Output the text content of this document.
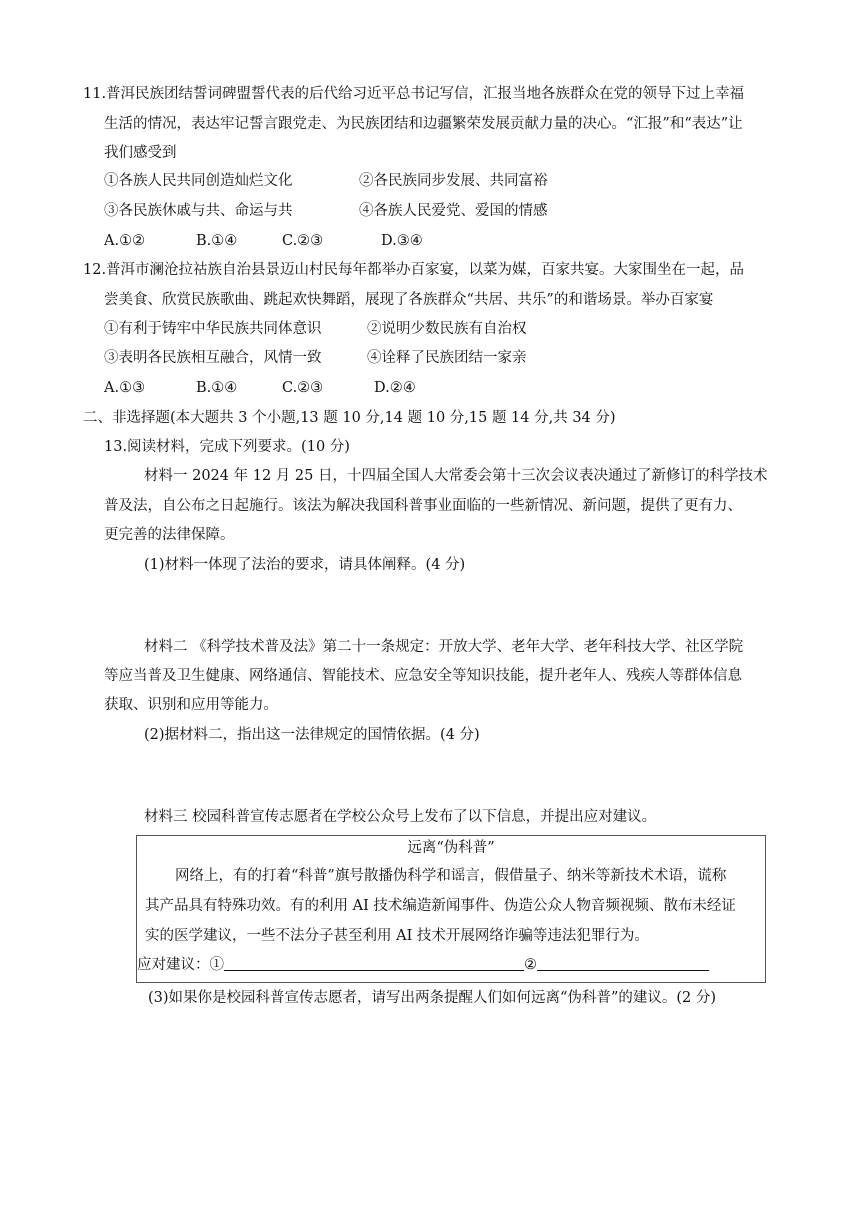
11.普洱民族团结誓词碑盟誓代表的后代给习近平总书记写信，汇报当地各族群众在党的领导下过上幸福
生活的情况，表达牢记誓言跟党走、为民族团结和边疆繁荣发展贡献力量的决心。“汇报”和“表达”让
我们感受到
①各族人民共同创造灿烂文化	②各民族同步发展、共同富裕
③各民族休戚与共、命运与共	④各族人民爱党、爱国的情感
A.①②	B.①④	C.②③	D.③④
12.普洱市澜沧拉祜族自治县景迈山村民每年都举办百家宴，以菜为媒，百家共宴。大家围坐在一起，品
尝美食、欣赏民族歌曲、跳起欢快舞蹈，展现了各族群众“共居、共乐”的和谐场景。举办百家宴
①有利于铸牢中华民族共同体意识	②说明少数民族有自治权
③表明各民族相互融合，风情一致	④诠释了民族团结一家亲
A.①③	B.①④	C.②③	D.②④
二、非选择题(本大题共 3 个小题,13 题 10 分,14 题 10 分,15 题 14 分,共 34 分)
13.阅读材料，完成下列要求。(10 分)
材料一 2024 年 12 月 25 日，十四届全国人大常委会第十三次会议表决通过了新修订的科学技术
普及法，自公布之日起施行。该法为解决我国科普事业面临的一些新情况、新问题，提供了更有力、
更完善的法律保障。
(1)材料一体现了法治的要求，请具体阐释。(4 分)
材料二 《科学技术普及法》第二十一条规定：开放大学、老年大学、老年科技大学、社区学院
等应当普及卫生健康、网络通信、智能技术、应急安全等知识技能，提升老年人、残疾人等群体信息
获取、识别和应用等能力。
(2)据材料二，指出这一法律规定的国情依据。(4 分)
材料三 校园科普宣传志愿者在学校公众号上发布了以下信息，并提出应对建议。
远离“伪科普”
网络上，有的打着“科普”旗号散播伪科学和谣言，假借量子、纳米等新技术术语，谎称
其产品具有特殊功效。有的利用 AI 技术编造新闻事件、伪造公众人物音频视频、散布未经证
实的医学建议，一些不法分子甚至利用 AI 技术开展网络诈骗等违法犯罪行为。
应对建议：①	②
(3)如果你是校园科普宣传志愿者，请写出两条提醒人们如何远离“伪科普”的建议。(2 分)
